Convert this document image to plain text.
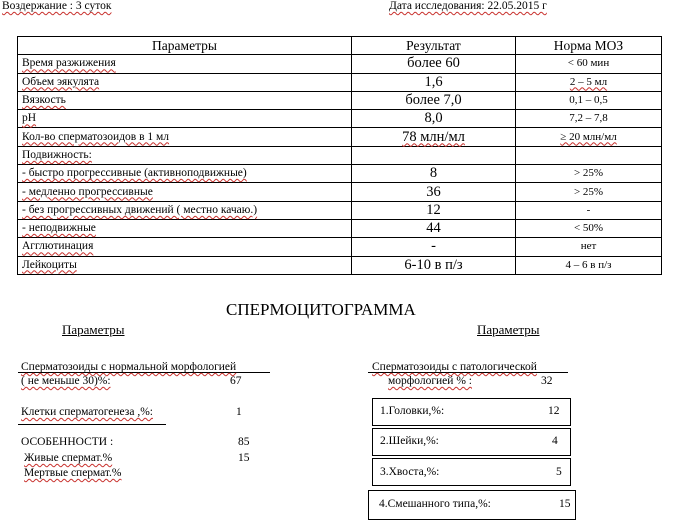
Воздержание : 3 суток	Дата исследования: 22.05.2015 г
Параметры	Результат	Норма МОЗ
Время разжижения	более 60	< 60 мин
Объем эякулята	1,6	2 – 5 мл
Вязкость	более 7,0	0,1 – 0,5
рН	8,0	7,2 – 7,8
Кол-во сперматозоидов в 1 мл	78 млн/мл	≥ 20 млн/мл
Подвижность:		
- быстро прогрессивные (активноподвижные)	8	> 25%
- медленно прогрессивные	36	> 25%
- без прогрессивных движений ( местно качаю.)	12	-
- неподвижные	44	< 50%
Агглютинация	-	нет
Лейкоциты	6-10 в п/з	4 – 6 в п/з
СПЕРМОЦИТОГРАММА
Параметры	Параметры
Сперматозоиды с нормальной морфологией
( не меньше 30)%:	67
Клетки сперматогенеза ,%:	1
ОСОБЕННОСТИ :	85
Живые спермат.%	15
Мертвые спермат.%
Сперматозоиды с патологической
морфологией % :	32
1.Головки,%:	12
2.Шейки,%:	4
3.Хвоста,%:	5
4.Смешанного типа,%:	15
